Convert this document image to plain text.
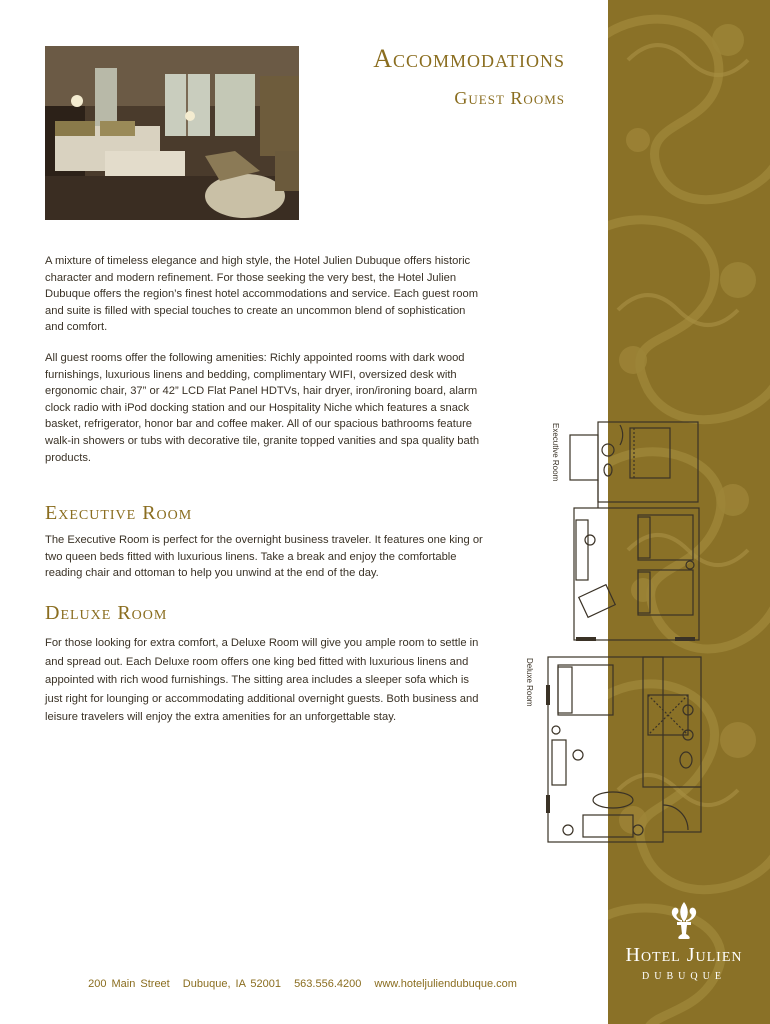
Hotel Julien
DUBUQUE
Accommodations
Guest Rooms

A mixture of timeless elegance and high style, the Hotel Julien Dubuque offers historic character and modern refinement. For those seeking the very best, the Hotel Julien Dubuque offers the region’s finest hotel accommodations and service. Each guest room and suite is filled with special touches to create an uncommon blend of sophistication and comfort.

All guest rooms offer the following amenities: Richly appointed rooms with dark wood furnishings, luxurious linens and bedding, complimentary WIFI, oversized desk with ergonomic chair, 37” or 42” LCD Flat Panel HDTVs, hair dryer, iron/ironing board, alarm clock radio with iPod docking station and our Hospitality Niche which features a snack basket, refrigerator, honor bar and coffee maker. All of our spacious bathrooms feature walk-in showers or tubs with decorative tile, granite topped vanities and spa quality bath products.

Executive Room

The Executive Room is perfect for the overnight business traveler. It features one king or two queen beds fitted with luxurious linens. Take a break and enjoy the comfortable reading chair and ottoman to help you unwind at the end of the day.

Deluxe Room

For those looking for extra comfort, a Deluxe Room will give you ample room to settle in and spread out. Each Deluxe room offers one king bed fitted with luxurious linens and appointed with rich wood furnishings. The sitting area includes a sleeper sofa which is just right for lounging or accommodating additional overnight guests. Both business and leisure travelers will enjoy the extra amenities for an unforgettable stay.

Executive Room
Deluxe Room
200 Main Street Dubuque, IA 52001 563.556.4200 www.hoteljuliendubuque.com
